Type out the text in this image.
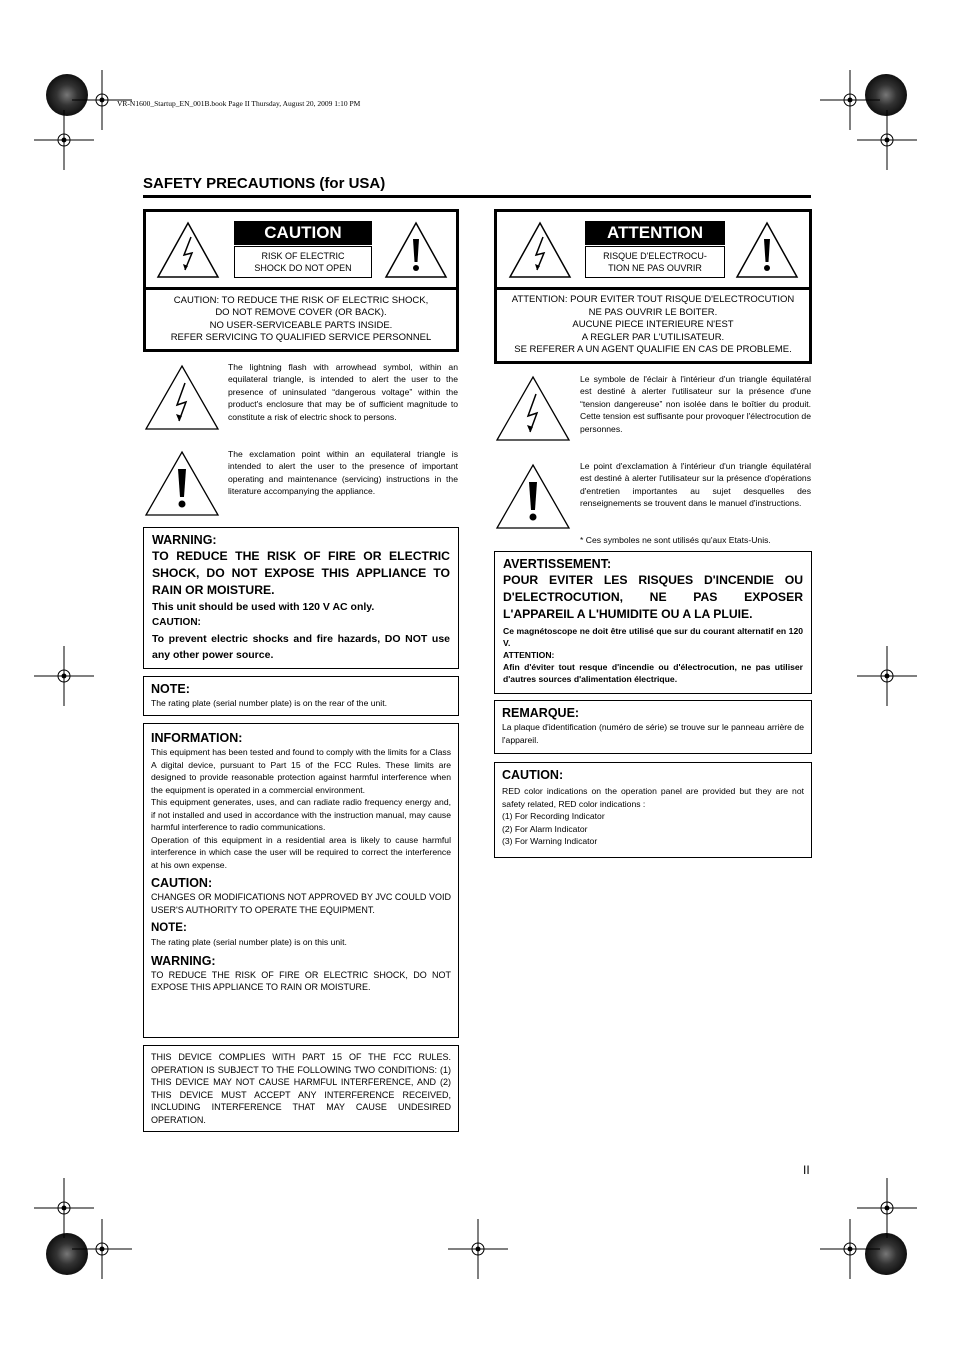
VR-N1600_Startup_EN_001B.book Page II Thursday, August 20, 2009 1:10 PM
SAFETY PRECAUTIONS (for USA)
CAUTION
RISK OF ELECTRIC
SHOCK DO NOT OPEN
CAUTION: TO REDUCE THE RISK OF ELECTRIC SHOCK,
DO NOT REMOVE COVER (OR BACK).
NO USER-SERVICEABLE PARTS INSIDE.
REFER SERVICING TO QUALIFIED SERVICE PERSONNEL
ATTENTION
RISQUE D'ELECTROCU-
TION NE PAS OUVRIR
ATTENTION: POUR EVITER TOUT RISQUE D'ELECTROCUTION
NE PAS OUVRIR LE BOITER.
AUCUNE PIECE INTERIEURE N'EST
A REGLER PAR L'UTILISATEUR.
SE REFERER A UN AGENT QUALIFIE EN CAS DE PROBLEME.
The lightning flash with arrowhead symbol, within an equilateral triangle, is intended to alert the user to the presence of uninsulated “dangerous voltage” within the product's enclosure that may be of sufficient magnitude to constitute a risk of electric shock to persons.
The exclamation point within an equilateral triangle is intended to alert the user to the presence of important operating and maintenance (servicing) instructions in the literature accompanying the appliance.
Le symbole de l'éclair à l'intérieur d'un triangle équilatéral est destiné à alerter l'utilisateur sur la présence d'une “tension dangereuse” non isolée dans le boîtier du produit. Cette tension est suffisante pour provoquer l'électrocution de personnes.
Le point d'exclamation à l'intérieur d'un triangle équilatéral est destiné à alerter l'utilisateur sur la présence d'opérations d'entretien importantes au sujet desquelles des renseignements se trouvent dans le manuel d'instructions.
* Ces symboles ne sont utilisés qu'aux Etats-Unis.
WARNING:
TO REDUCE THE RISK OF FIRE OR ELECTRIC SHOCK, DO NOT EXPOSE THIS APPLIANCE TO RAIN OR MOISTURE.
This unit should be used with 120 V AC only.
CAUTION:
To prevent electric shocks and fire hazards, DO NOT use any other power source.
NOTE:
The rating plate (serial number plate) is on the rear of the unit.
INFORMATION:
This equipment has been tested and found to comply with the limits for a Class A digital device, pursuant to Part 15 of the FCC Rules. These limits are designed to provide reasonable protection against harmful interference when the equipment is operated in a commercial environment.
This equipment generates, uses, and can radiate radio frequency energy and, if not installed and used in accordance with the instruction manual, may cause harmful interference to radio communications.
Operation of this equipment in a residential area is likely to cause harmful interference in which case the user will be required to correct the interference at his own expense.
CAUTION:
CHANGES OR MODIFICATIONS NOT APPROVED BY JVC COULD VOID USER'S AUTHORITY TO OPERATE THE EQUIPMENT.
NOTE:
The rating plate (serial number plate) is on this unit.
WARNING:
TO REDUCE THE RISK OF FIRE OR ELECTRIC SHOCK, DO NOT EXPOSE THIS APPLIANCE TO RAIN OR MOISTURE.
THIS DEVICE COMPLIES WITH PART 15 OF THE FCC RULES. OPERATION IS SUBJECT TO THE FOLLOWING TWO CONDITIONS: (1) THIS DEVICE MAY NOT CAUSE HARMFUL INTERFERENCE, AND (2) THIS DEVICE MUST ACCEPT ANY INTERFERENCE RECEIVED, INCLUDING INTERFERENCE THAT MAY CAUSE UNDESIRED OPERATION.
AVERTISSEMENT:
POUR EVITER LES RISQUES D'INCENDIE OU D'ELECTROCUTION, NE PAS EXPOSER L'APPAREIL A L'HUMIDITE OU A LA PLUIE.
Ce magnétoscope ne doit être utilisé que sur du courant alternatif en 120 V.
ATTENTION:
Afin d'éviter tout resque d'incendie ou d'électrocution, ne pas utiliser d'autres sources d'alimentation électrique.
REMARQUE:
La plaque d'identification (numéro de série) se trouve sur le panneau arrière de l'appareil.
CAUTION:
RED color indications on the operation panel are provided but they are not safety related, RED color indications :
(1) For Recording Indicator
(2) For Alarm Indicator
(3) For Warning Indicator
II
